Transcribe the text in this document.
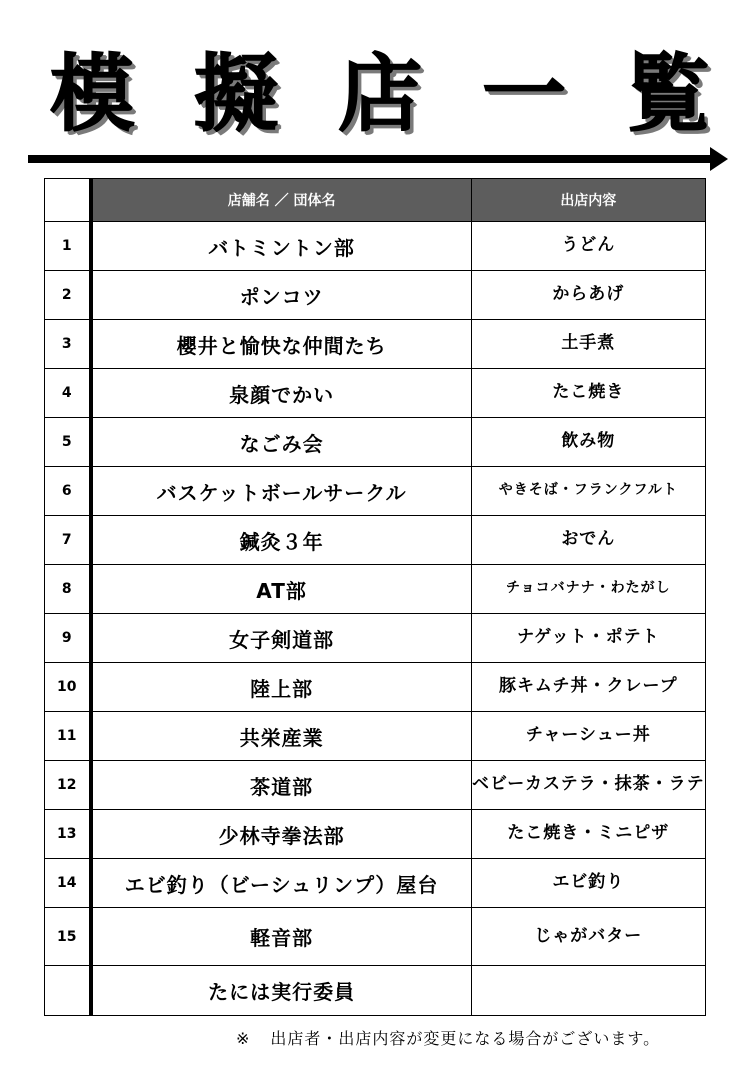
模 擬 店 一 覧
	店舗名 ／ 団体名	出店内容
1	バトミントン部	うどん
2	ポンコツ	からあげ
3	櫻井と愉快な仲間たち	土手煮
4	泉顔でかい	たこ焼き
5	なごみ会	飲み物
6	バスケットボールサークル	やきそば・フランクフルト
7	鍼灸３年	おでん
8	AT部	チョコバナナ・わたがし
9	女子剣道部	ナゲット・ポテト
10	陸上部	豚キムチ丼・クレープ
11	共栄産業	チャーシュー丼
12	茶道部	ベビーカステラ・抹茶・ラテ
13	少林寺拳法部	たこ焼き・ミニピザ
14	エビ釣り（ビーシュリンプ）屋台	エビ釣り
15	軽音部	じゃがバター
	たには実行委員	
※ 出店者・出店内容が変更になる場合がございます。
